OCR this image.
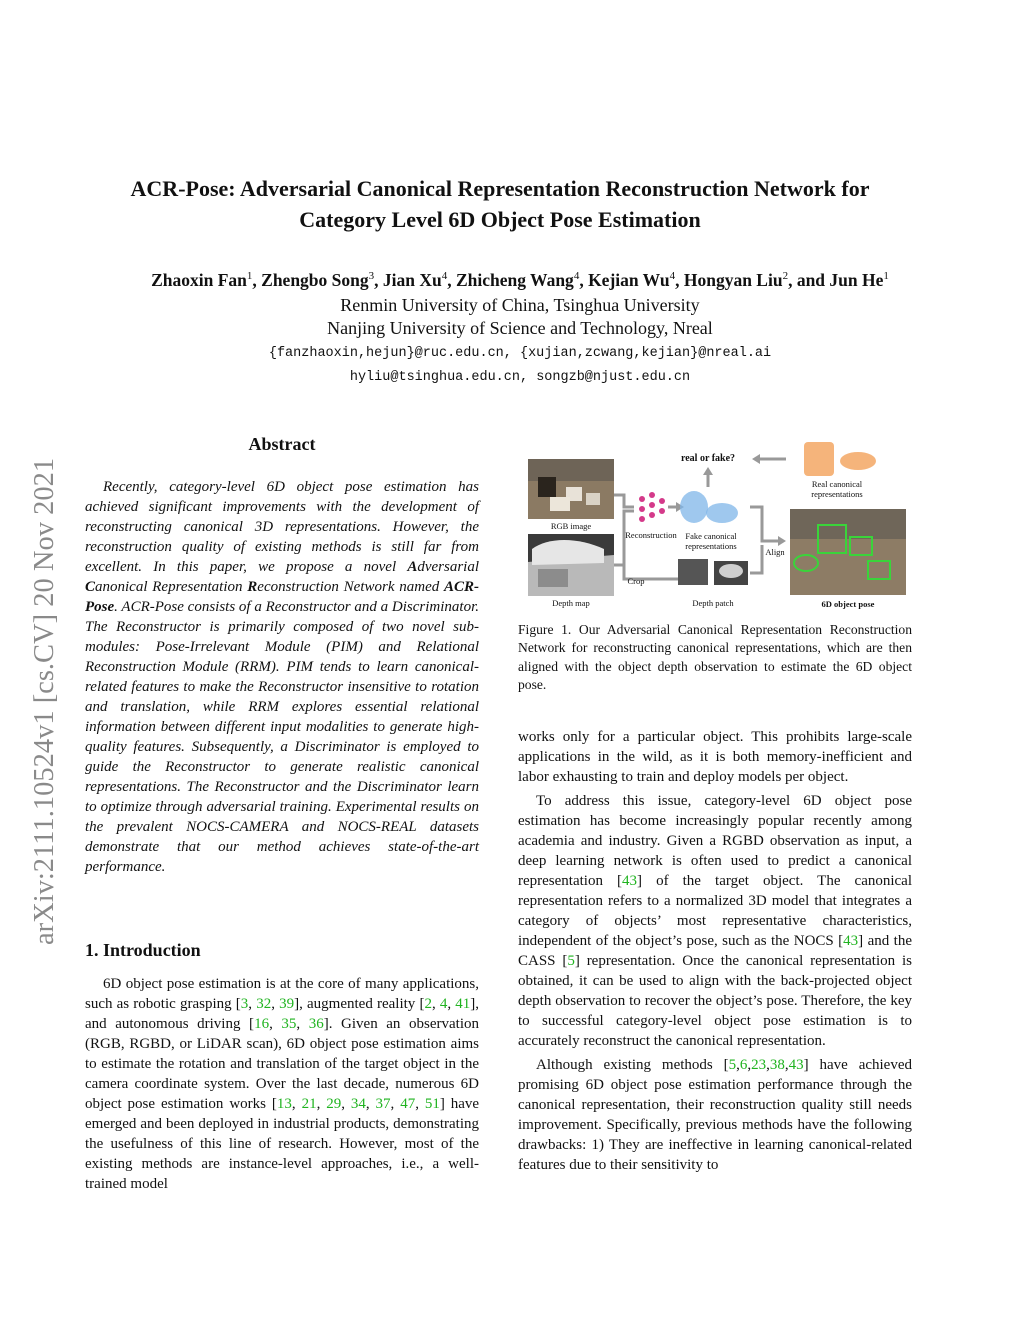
arXiv:2111.10524v1 [cs.CV] 20 Nov 2021
ACR-Pose: Adversarial Canonical Representation Reconstruction Network for
Category Level 6D Object Pose Estimation
Zhaoxin Fan$^1$, Zhengbo Song$^3$, Jian Xu$^4$, Zhicheng Wang$^4$, Kejian Wu$^4$, Hongyan Liu$^2$, and Jun He$^1$
Renmin University of China, Tsinghua University
Nanjing University of Science and Technology, Nreal
{fanzhaoxin,hejun}@ruc.edu.cn, {xujian,zcwang,kejian}@nreal.ai
hyliu@tsinghua.edu.cn, songzb@njust.edu.cn
Abstract

Recently, category-level 6D object pose estimation has achieved significant improvements with the development of reconstructing canonical 3D representations. However, the reconstruction quality of existing methods is still far from excellent. In this paper, we propose a novel Adversarial Canonical Representation Reconstruction Network named ACR-Pose. ACR-Pose consists of a Reconstructor and a Discriminator. The Reconstructor is primarily composed of two novel sub-modules: Pose-Irrelevant Module (PIM) and Relational Reconstruction Module (RRM). PIM tends to learn canonical-related features to make the Reconstructor insensitive to rotation and translation, while RRM explores essential relational information between different input modalities to generate high-quality features. Subsequently, a Discriminator is employed to guide the Reconstructor to generate realistic canonical representations. The Reconstructor and the Discriminator learn to optimize through adversarial training. Experimental results on the prevalent NOCS-CAMERA and NOCS-REAL datasets demonstrate that our method achieves state-of-the-art performance.

1. Introduction

6D object pose estimation is at the core of many applications, such as robotic grasping [3, 32, 39], augmented reality [2, 4, 41], and autonomous driving [16, 35, 36]. Given an observation (RGB, RGBD, or LiDAR scan), 6D object pose estimation aims to estimate the rotation and translation of the target object in the camera coordinate system. Over the last decade, numerous 6D object pose estimation works [13, 21, 29, 34, 37, 47, 51] have emerged and been deployed in industrial products, demonstrating the usefulness of this line of research. However, most of the existing methods are instance-level approaches, i.e., a well-trained model

real or fake?
Real canonical representations
RGB image
Reconstruction	Fake canonical representations
Align
Crop
Depth map	Depth patch	6D object pose
Figure 1. Our Adversarial Canonical Representation Reconstruction Network for reconstructing canonical representations, which are then aligned with the object depth observation to estimate the 6D object pose.

works only for a particular object. This prohibits large-scale applications in the wild, as it is both memory-inefficient and labor exhausting to train and deploy models per object.

To address this issue, category-level 6D object pose estimation has become increasingly popular recently among academia and industry. Given a RGBD observation as input, a deep learning network is often used to predict a canonical representation [43] of the target object. The canonical representation refers to a normalized 3D model that integrates a category of objects’ most representative characteristics, independent of the object’s pose, such as the NOCS [43] and the CASS [5] representation. Once the canonical representation is obtained, it can be used to align with the back-projected object depth observation to recover the object’s pose. Therefore, the key to successful category-level object pose estimation is to accurately reconstruct the canonical representation.

Although existing methods [5,6,23,38,43] have achieved promising 6D object pose estimation performance through the canonical representation, their reconstruction quality still needs improvement. Specifically, previous methods have the following drawbacks: 1) They are ineffective in learning canonical-related features due to their sensitivity to
